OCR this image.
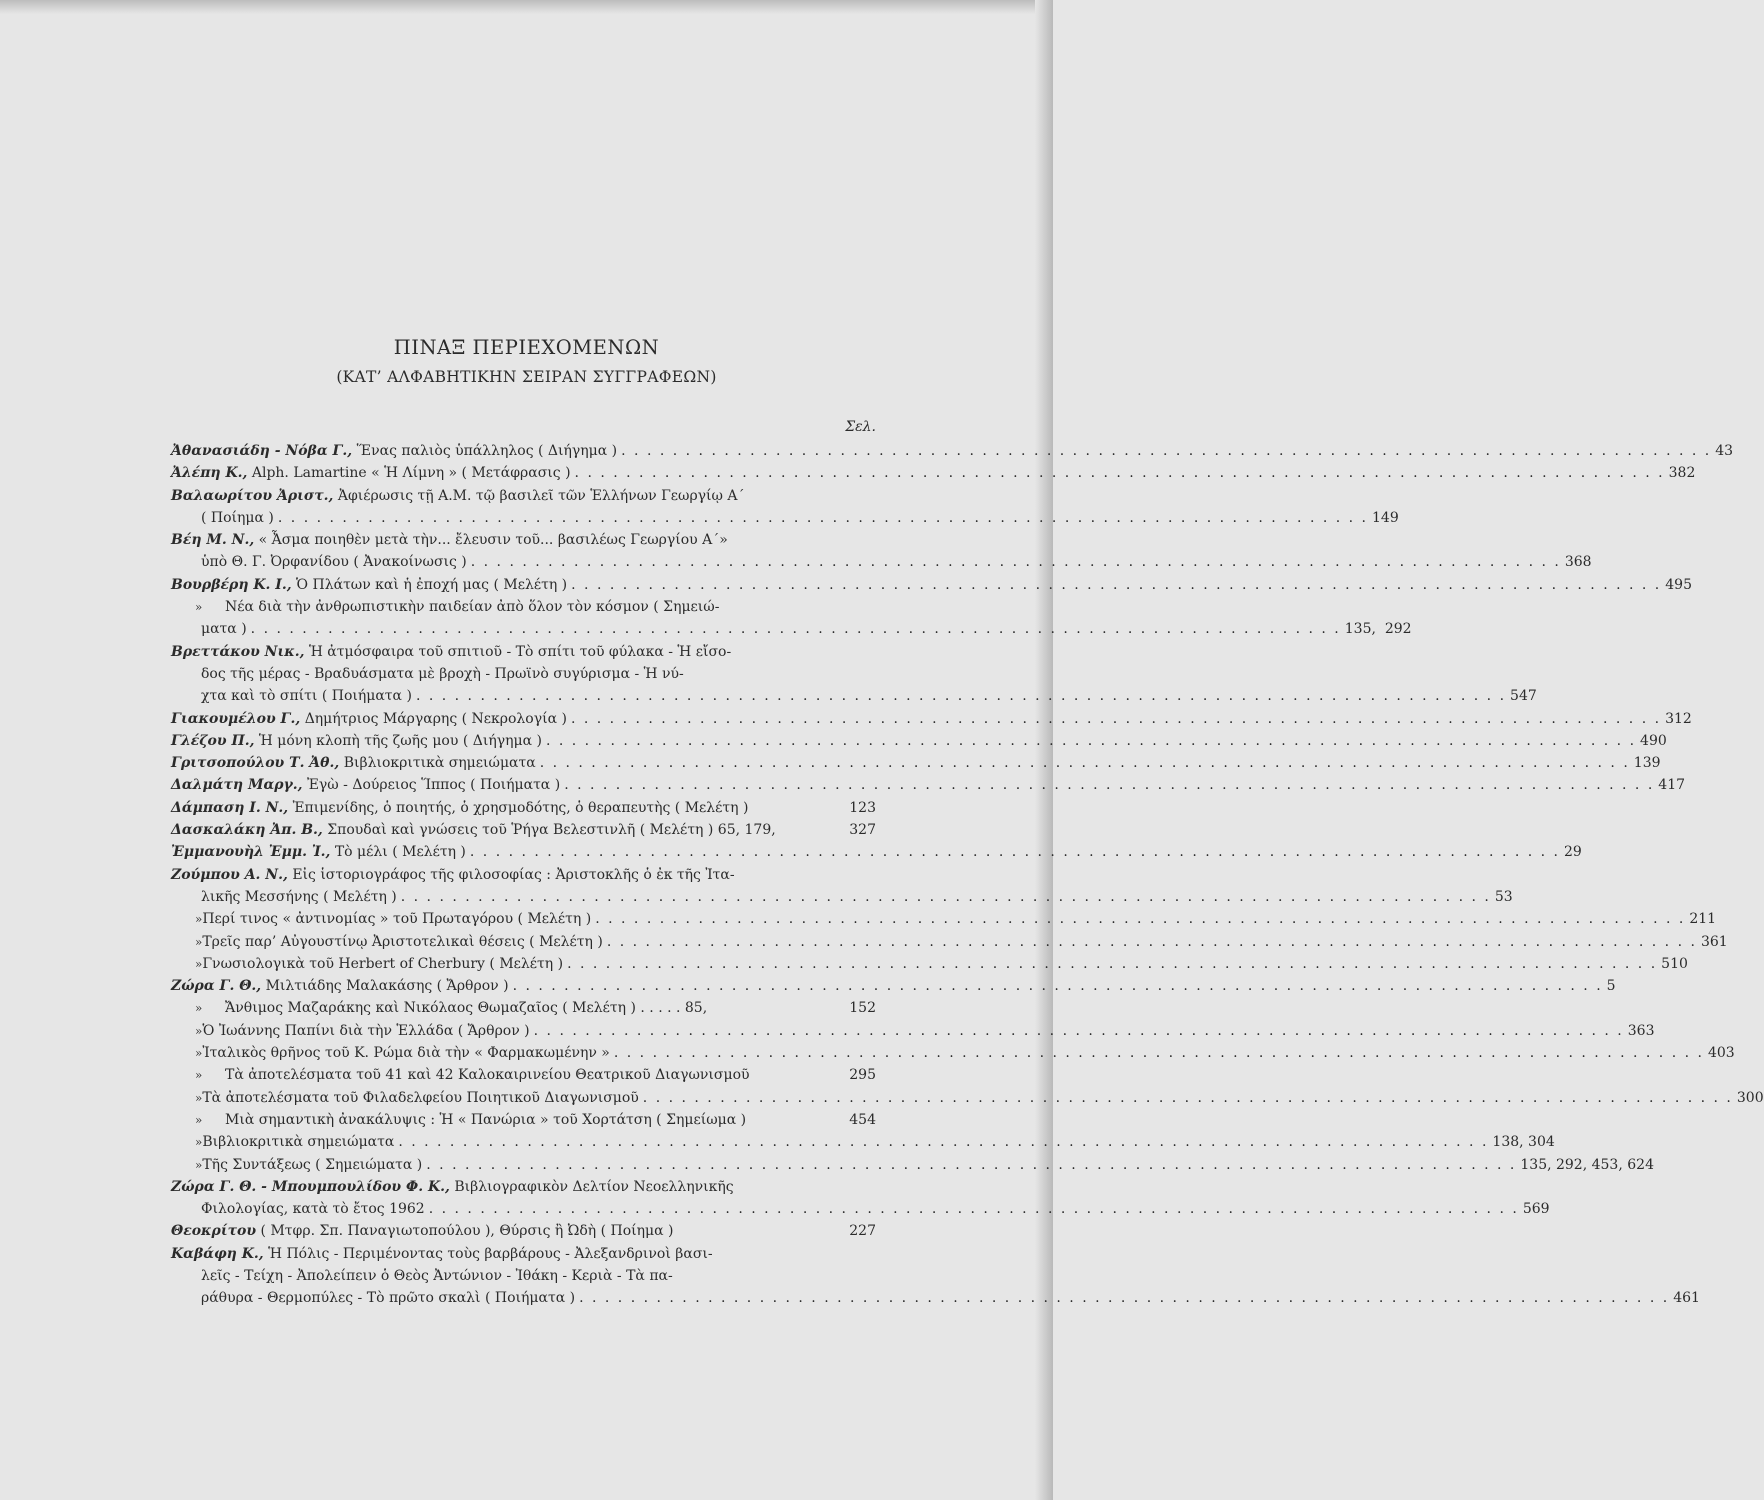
ΠΙΝΑΞ ΠΕΡΙΕΧΟΜΕΝΩΝ
(ΚΑΤ’ ΑΛΦΑΒΗΤΙΚΗΝ ΣΕΙΡΑΝ ΣΥΓΓΡΑΦΕΩΝ)
Σελ.
Ἀθανασιάδη - Νόβα Γ.,
Ἕνας παλιὸς ὑπάλληλος ( Διήγημα ) . . .	43
Ἀλέπη Κ.,
Alph. Lamartine « Ἡ Λίμνη » ( Μετάφρασις ) . . .	382
Βαλαωρίτου Ἀριστ.,
Ἀφιέρωσις τῇ Α.Μ. τῷ βασιλεῖ τῶν Ἑλλήνων Γεωργίῳ Α΄
( Ποίημα ) . . .	149
Βέη Μ. Ν.,
« Ἆσμα ποιηθὲν μετὰ τὴν... ἔλευσιν τοῦ... βασιλέως Γεωργίου Α΄»
ὑπὸ Θ. Γ. Ὀρφανίδου ( Ἀνακοίνωσις ) . . .	368
Βουρβέρη Κ. Ι.,
Ὁ Πλάτων καὶ ἡ ἐποχή μας ( Μελέτη ) . . .	495
»	Νέα διὰ τὴν ἀνθρωπιστικὴν παιδείαν ἀπὸ ὅλον τὸν κόσμον ( Σημειώ-
ματα ) . . .	135, 292
Βρεττάκου Νικ.,
Ἡ ἀτμόσφαιρα τοῦ σπιτιοῦ - Τὸ σπίτι τοῦ φύλακα - Ἡ εἴσο-
δος τῆς μέρας - Βραδυάσματα μὲ βροχὴ - Πρωϊνὸ συγύρισμα - Ἡ νύ-
χτα καὶ τὸ σπίτι ( Ποιήματα ) . . .	547
Γιακουμέλου Γ.,
Δημήτριος Μάργαρης ( Νεκρολογία ) . . .	312
Γλέζου Π.,
Ἡ μόνη κλοπὴ τῆς ζωῆς μου ( Διήγημα ) . . .	490
Γριτσοπούλου Τ. Ἀθ.,
Βιβλιοκριτικὰ σημειώματα . . .	139
Δαλμάτη Μαργ.,
Ἐγὼ - Δούρειος Ἵππος ( Ποιήματα ) . . .	417
Δάμπαση Ι. Ν.,
Ἐπιμενίδης, ὁ ποιητής, ὁ χρησμοδότης, ὁ θεραπευτὴς ( Μελέτη )	123
Δασκαλάκη Ἀπ. Β.,
Σπουδαὶ καὶ γνώσεις τοῦ Ῥήγα Βελεστινλῆ ( Μελέτη ) 65, 179,	327
Ἐμμανουὴλ Ἐμμ. Ἰ.,
Τὸ μέλι ( Μελέτη ) . . .	29
Ζούμπου Α. Ν.,
Εἰς ἱστοριογράφος τῆς φιλοσοφίας : Ἀριστοκλῆς ὁ ἐκ τῆς Ἰτα-
λικῆς Μεσσήνης ( Μελέτη ) . . .	53
» Περί τινος « ἀντινομίας » τοῦ Πρωταγόρου ( Μελέτη ) . . .	211
» Τρεῖς παρ’ Αὐγουστίνῳ Ἀριστοτελικαὶ θέσεις ( Μελέτη ) . . .	361
» Γνωσιολογικὰ τοῦ Herbert of Cherbury ( Μελέτη ) . . .	510
Ζώρα Γ. Θ.,
Μιλτιάδης Μαλακάσης ( Ἄρθρον ) . . .	5
»	Ἄνθιμος Μαζαράκης καὶ Νικόλαος Θωμαζαῖος ( Μελέτη ) . . . . . 85,	152
» Ὁ Ἰωάννης Παπίνι διὰ τὴν Ἑλλάδα ( Ἄρθρον ) . . .	363
» Ἰταλικὸς θρῆνος τοῦ Κ. Ρώμα διὰ τὴν « Φαρμακωμένην » . . .	403
»	Τὰ ἀποτελέσματα τοῦ 41 καὶ 42 Καλοκαιρινείου Θεατρικοῦ Διαγωνισμοῦ	295
» Τὰ ἀποτελέσματα τοῦ Φιλαδελφείου Ποιητικοῦ Διαγωνισμοῦ . . .	300
»	Μιὰ σημαντικὴ ἀνακάλυψις : Ἡ « Πανώρια » τοῦ Χορτάτση ( Σημείωμα )	454
» Βιβλιοκριτικὰ σημειώματα . . .	138, 304
» Τῆς Συντάξεως ( Σημειώματα ) . . .	135, 292, 453, 624
Ζώρα Γ. Θ. - Μπουμπουλίδου Φ. Κ.,
Βιβλιογραφικὸν Δελτίον Νεοελληνικῆς
Φιλολογίας, κατὰ τὸ ἔτος 1962 . . .	569
Θεοκρίτου
( Μτφρ. Σπ. Παναγιωτοπούλου ), Θύρσις ἢ Ὠδὴ ( Ποίημα )	227
Καβάφη Κ.,
Ἡ Πόλις - Περιμένοντας τοὺς βαρβάρους - Ἀλεξανδρινοὶ βασι-
λεῖς - Τείχη - Ἀπολείπειν ὁ Θεὸς Ἀντώνιον - Ἰθάκη - Κεριὰ - Τὰ πα-
ράθυρα - Θερμοπύλες - Τὸ πρῶτο σκαλὶ ( Ποιήματα ) . . .	461
